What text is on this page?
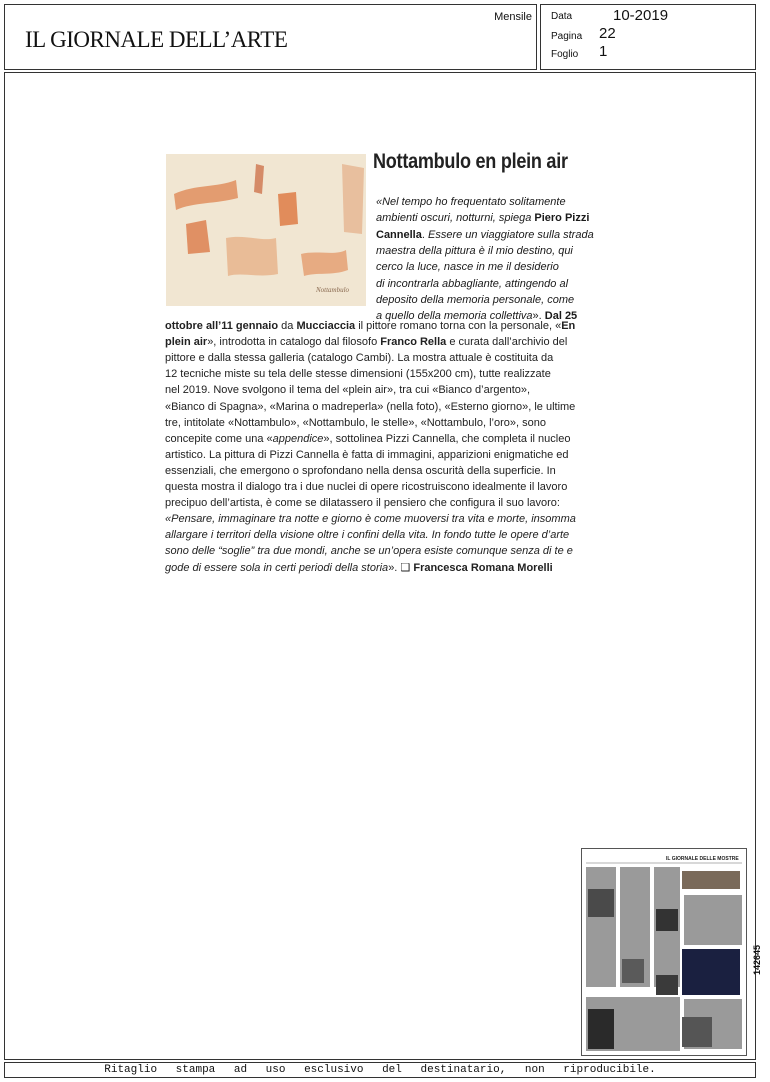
IL GIORNALE DELL’ARTE
Mensile Data	10-2019
Pagina 22
Foglio 1
Nottambulo
Nottambulo en plein air
«Nel tempo ho frequentato solitamente
ambienti oscuri, notturni, spiega Piero Pizzi
Cannella. Essere un viaggiatore sulla strada
maestra della pittura è il mio destino, qui
cerco la luce, nasce in me il desiderio
di incontrarla abbagliante, attingendo al
deposito della memoria personale, come
a quello della memoria collettiva». Dal 25
ottobre all’11 gennaio da Mucciaccia il pittore romano torna con la personale, «En
plein air», introdotta in catalogo dal filosofo Franco Rella e curata dall’archivio del
pittore e dalla stessa galleria (catalogo Cambi). La mostra attuale è costituita da
12 tecniche miste su tela delle stesse dimensioni (155x200 cm), tutte realizzate
nel 2019. Nove svolgono il tema del «plein air», tra cui «Bianco d’argento»,
«Bianco di Spagna», «Marina o madreperla» (nella foto), «Esterno giorno», le ultime
tre, intitolate «Nottambulo», «Nottambulo, le stelle», «Nottambulo, l’oro», sono
concepite come una «appendice», sottolinea Pizzi Cannella, che completa il nucleo
artistico. La pittura di Pizzi Cannella è fatta di immagini, apparizioni enigmatiche ed
essenziali, che emergono o sprofondano nella densa oscurità della superficie. In
questa mostra il dialogo tra i due nuclei di opere ricostruiscono idealmente il lavoro
precipuo dell’artista, è come se dilatassero il pensiero che configura il suo lavoro:
«Pensare, immaginare tra notte e giorno è come muoversi tra vita e morte, insomma
allargare i territori della visione oltre i confini della vita. In fondo tutte le opere d’arte
sono delle “soglie” tra due mondi, anche se un’opera esiste comunque senza di te e
gode di essere sola in certi periodi della storia». ❑ Francesca Romana Morelli
IL GIORNALE DELLE MOSTRE
142645
Ritaglio stampa ad uso esclusivo del destinatario, non riproducibile.
